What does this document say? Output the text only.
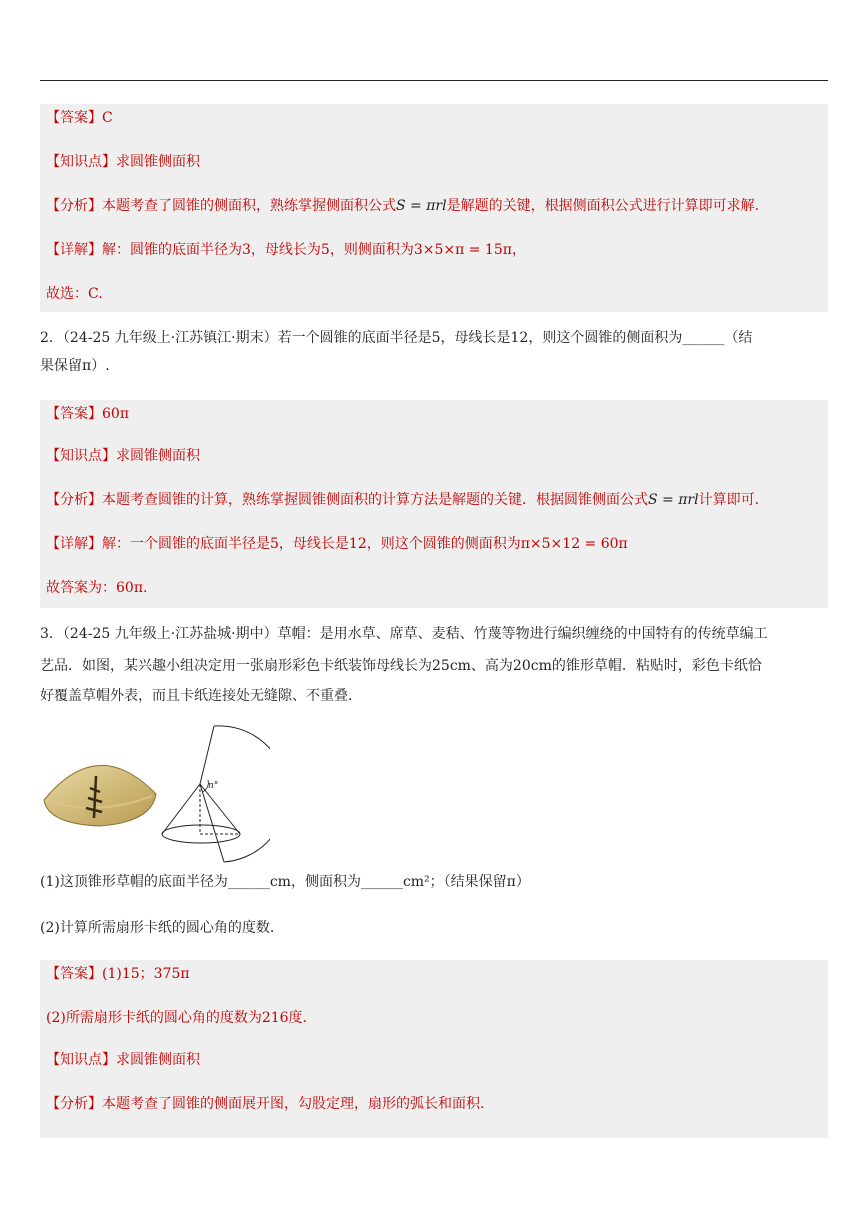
【答案】C
【知识点】求圆锥侧面积
【分析】本题考查了圆锥的侧面积，熟练掌握侧面积公式S = πrl是解题的关键，根据侧面积公式进行计算即可求解.
【详解】解：圆锥的底面半径为3，母线长为5，则侧面积为3×5×π = 15π，
故选：C.
2．（24-25 九年级上·江苏镇江·期末）若一个圆锥的底面半径是5，母线长是12，则这个圆锥的侧面积为______（结
果保留π）.
【答案】60π
【知识点】求圆锥侧面积
【分析】本题考查圆锥的计算，熟练掌握圆锥侧面积的计算方法是解题的关键．根据圆锥侧面公式S = πrl计算即可.
【详解】解：一个圆锥的底面半径是5，母线长是12，则这个圆锥的侧面积为π×5×12 = 60π
故答案为：60π.
3．（24-25 九年级上·江苏盐城·期中）草帽：是用水草、席草、麦秸、竹蔑等物进行编织缠绕的中国特有的传统草编工
艺品．如图，某兴趣小组决定用一张扇形彩色卡纸装饰母线长为25cm、高为20cm的锥形草帽．粘贴时，彩色卡纸恰
好覆盖草帽外表，而且卡纸连接处无缝隙、不重叠.
n°
(1)这顶锥形草帽的底面半径为______cm，侧面积为______cm²；（结果保留π）
(2)计算所需扇形卡纸的圆心角的度数.
【答案】(1)15；375π
(2)所需扇形卡纸的圆心角的度数为216度.
【知识点】求圆锥侧面积
【分析】本题考查了圆锥的侧面展开图，勾股定理，扇形的弧长和面积.
